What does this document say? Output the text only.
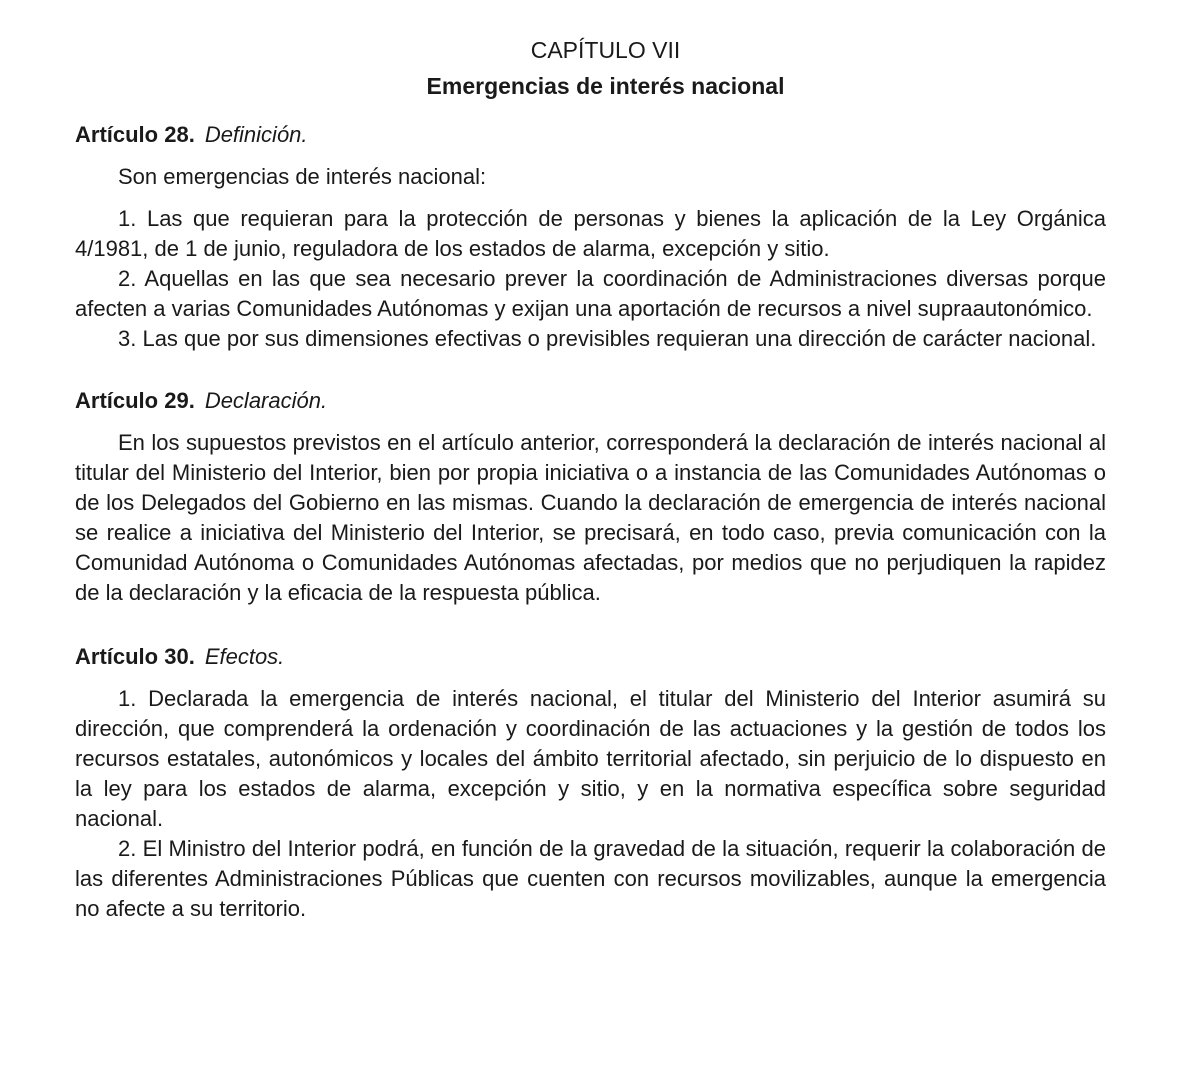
CAPÍTULO VII

Emergencias de interés nacional

Artículo 28. Definición.

Son emergencias de interés nacional:

1. Las que requieran para la protección de personas y bienes la aplicación de la Ley Orgánica 4/1981, de 1 de junio, reguladora de los estados de alarma, excepción y sitio.

2. Aquellas en las que sea necesario prever la coordinación de Administraciones diversas porque afecten a varias Comunidades Autónomas y exijan una aportación de recursos a nivel supraautonómico.

3. Las que por sus dimensiones efectivas o previsibles requieran una dirección de carácter nacional.

Artículo 29. Declaración.

En los supuestos previstos en el artículo anterior, corresponderá la declaración de interés nacional al titular del Ministerio del Interior, bien por propia iniciativa o a instancia de las Comunidades Autónomas o de los Delegados del Gobierno en las mismas. Cuando la declaración de emergencia de interés nacional se realice a iniciativa del Ministerio del Interior, se precisará, en todo caso, previa comunicación con la Comunidad Autónoma o Comunidades Autónomas afectadas, por medios que no perjudiquen la rapidez de la declaración y la eficacia de la respuesta pública.

Artículo 30. Efectos.

1. Declarada la emergencia de interés nacional, el titular del Ministerio del Interior asumirá su dirección, que comprenderá la ordenación y coordinación de las actuaciones y la gestión de todos los recursos estatales, autonómicos y locales del ámbito territorial afectado, sin perjuicio de lo dispuesto en la ley para los estados de alarma, excepción y sitio, y en la normativa específica sobre seguridad nacional.

2. El Ministro del Interior podrá, en función de la gravedad de la situación, requerir la colaboración de las diferentes Administraciones Públicas que cuenten con recursos movilizables, aunque la emergencia no afecte a su territorio.
